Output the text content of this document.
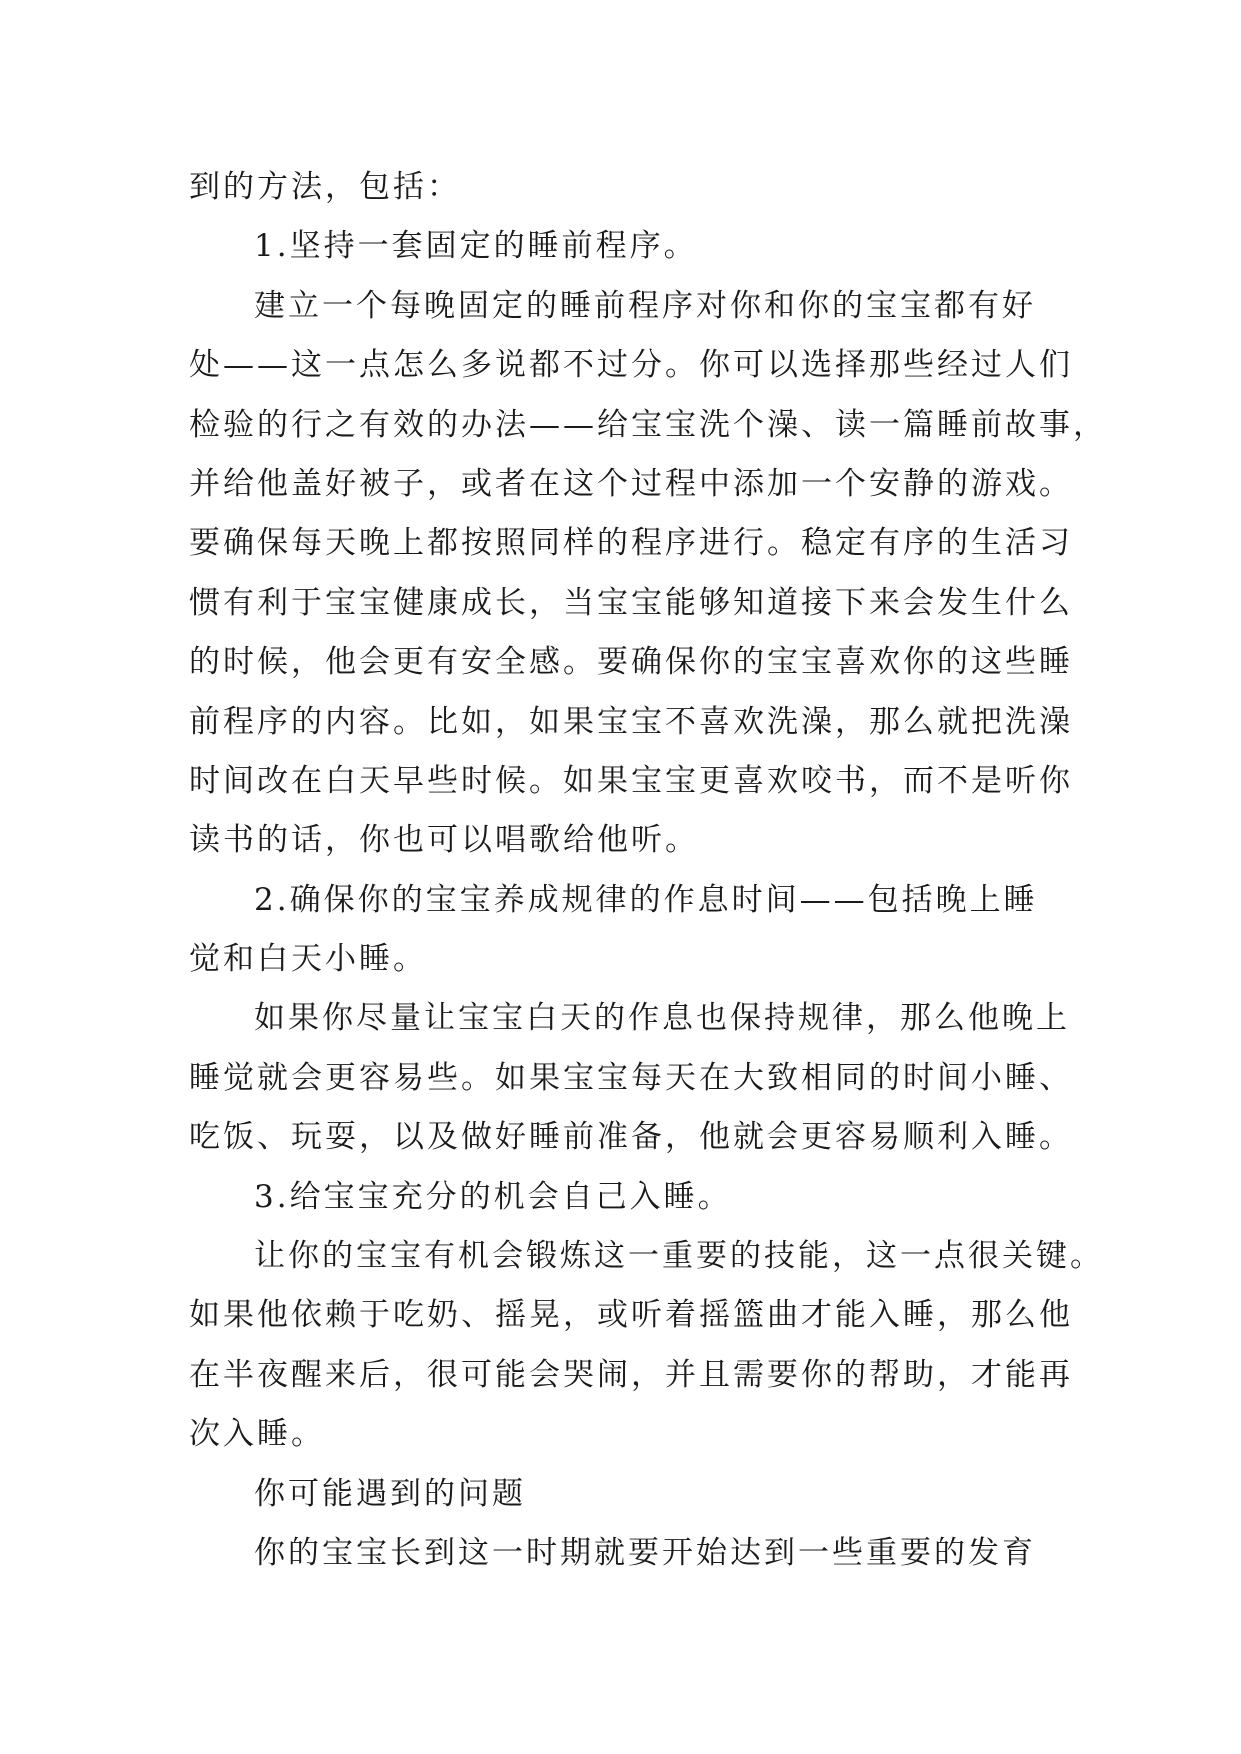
到的方法，包括：
1.坚持一套固定的睡前程序。
建立一个每晚固定的睡前程序对你和你的宝宝都有好
处——这一点怎么多说都不过分。你可以选择那些经过人们
检验的行之有效的办法——给宝宝洗个澡、读一篇睡前故事，
并给他盖好被子，或者在这个过程中添加一个安静的游戏。
要确保每天晚上都按照同样的程序进行。稳定有序的生活习
惯有利于宝宝健康成长，当宝宝能够知道接下来会发生什么
的时候，他会更有安全感。要确保你的宝宝喜欢你的这些睡
前程序的内容。比如，如果宝宝不喜欢洗澡，那么就把洗澡
时间改在白天早些时候。如果宝宝更喜欢咬书，而不是听你
读书的话，你也可以唱歌给他听。
2.确保你的宝宝养成规律的作息时间——包括晚上睡
觉和白天小睡。
如果你尽量让宝宝白天的作息也保持规律，那么他晚上
睡觉就会更容易些。如果宝宝每天在大致相同的时间小睡、
吃饭、玩耍，以及做好睡前准备，他就会更容易顺利入睡。
3.给宝宝充分的机会自己入睡。
让你的宝宝有机会锻炼这一重要的技能，这一点很关键。
如果他依赖于吃奶、摇晃，或听着摇篮曲才能入睡，那么他
在半夜醒来后，很可能会哭闹，并且需要你的帮助，才能再
次入睡。
你可能遇到的问题
你的宝宝长到这一时期就要开始达到一些重要的发育
